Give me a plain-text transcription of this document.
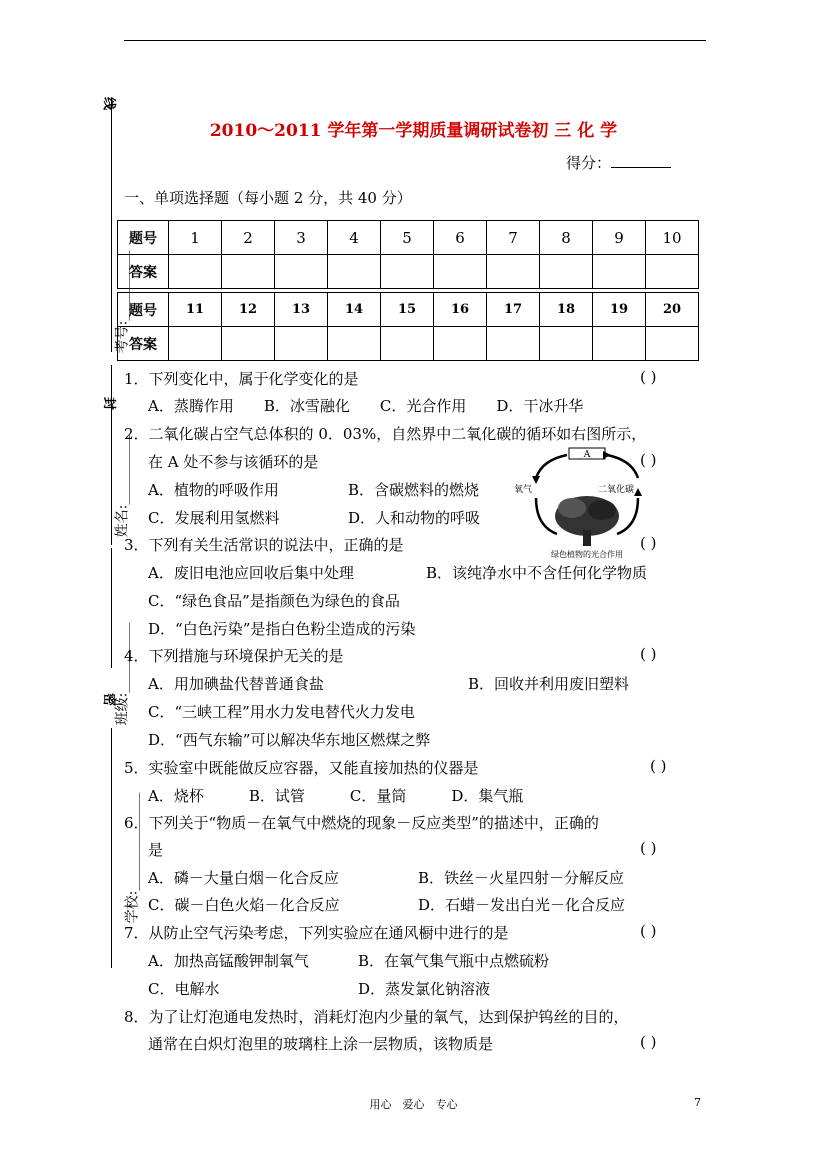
线
封
密
考号:__________
姓名:__________
班级:__________
学校:______________
2010～2011 学年第一学期质量调研试卷初 三 化 学
得分：
一、单项选择题（每小题 2 分，共 40 分）
题号	1	2	3	4	5	6	7	8	9	10
答案										
题号	11	12	13	14	15	16	17	18	19	20
答案										
1．下列变化中，属于化学变化的是	( )
A．蒸腾作用　　B．冰雪融化　　C．光合作用　　D．干冰升华
2．二氧化碳占空气总体积的 0．03%，自然界中二氧化碳的循环如右图所示，
在 A 处不参与该循环的是	( )
A．植物的呼吸作用	B．含碳燃料的燃烧
C．发展利用氢燃料	D．人和动物的呼吸
A
氧气	二氧化碳
绿色植物的光合作用
3．下列有关生活常识的说法中，正确的是	( )
A．废旧电池应回收后集中处理	B．该纯净水中不含任何化学物质
C．“绿色食品”是指颜色为绿色的食品
D．“白色污染”是指白色粉尘造成的污染
4．下列措施与环境保护无关的是	( )
A．用加碘盐代替普通食盐	B．回收并利用废旧塑料
C．“三峡工程”用水力发电替代火力发电
D．“西气东输”可以解决华东地区燃煤之弊
5．实验室中既能做反应容器，又能直接加热的仪器是	( )
A．烧杯　　　B．试管　　　C．量筒　　　D．集气瓶
6．下列关于“物质－在氧气中燃烧的现象－反应类型”的描述中，正确的
是	( )
A．磷－大量白烟－化合反应	B．铁丝－火星四射－分解反应
C．碳－白色火焰－化合反应	D．石蜡－发出白光－化合反应
7．从防止空气污染考虑，下列实验应在通风橱中进行的是	( )
A．加热高锰酸钾制氧气	B．在氧气集气瓶中点燃硫粉
C．电解水	D．蒸发氯化钠溶液
8．为了让灯泡通电发热时，消耗灯泡内少量的氧气，达到保护钨丝的目的，
通常在白炽灯泡里的玻璃柱上涂一层物质，该物质是	( )
用心　爱心　专心	7
